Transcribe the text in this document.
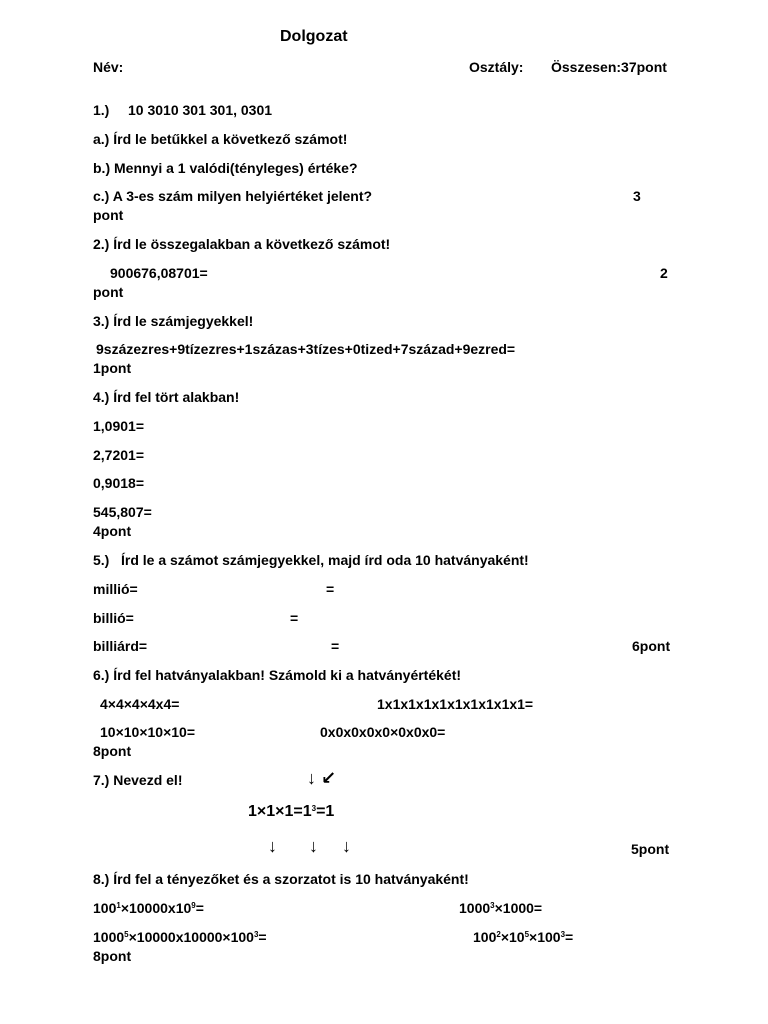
Dolgozat
Név:	Osztály: Összesen:37pont
1.) 10 3010 301 301, 0301
a.) Írd le betűkkel a következő számot!
b.) Mennyi a 1 valódi(tényleges) értéke?
c.) A 3-es szám milyen helyiértéket jelent?	3
pont
2.) Írd le összegalakban a következő számot!
900676,08701=	2
pont
3.) Írd le számjegyekkel!
9százezres+9tízezres+1százas+3tízes+0tized+7század+9ezred=
1pont
4.) Írd fel tört alakban!
1,0901=
2,7201=
0,9018=
545,807=
4pont
5.) Írd le a számot számjegyekkel, majd írd oda 10 hatványaként!
millió=	=
billió=	=
billiárd=	=	6pont
6.) Írd fel hatványalakban! Számold ki a hatványértékét!
4×4×4×4x4=	1x1x1x1x1x1x1x1x1x1=
10×10×10×10=	0x0x0x0x0×0x0x0=
8pont
7.) Nevezd el!	↓ ↙
$1\times 1\times 1=1^3=1$
↓ ↓ ↓	5pont
8.) Írd fel a tényezőket és a szorzatot is 10 hatványaként!
$100^1\times 10000x10^9=$	$1000^3\times 1000=$
$1000^5\times 10000x10000\times 100^3=$	$100^2\times 10^5\times 100^3=$
8pont
